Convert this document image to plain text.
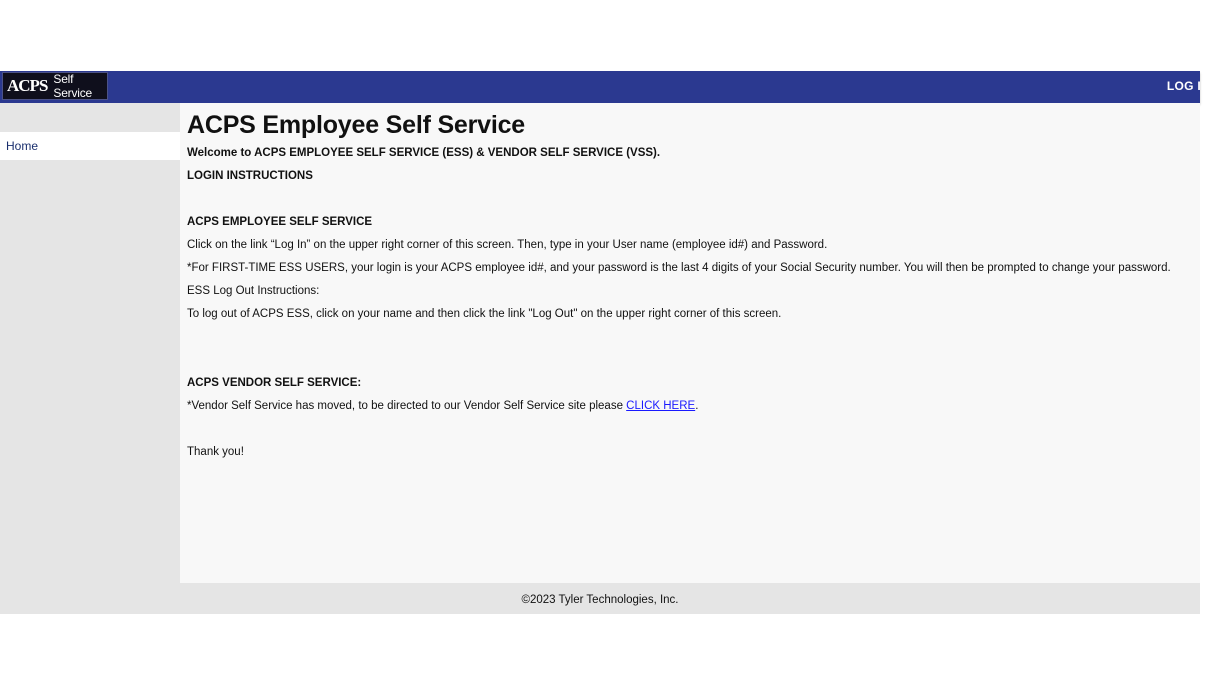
ACPS Self Service	LOG IN
Home
ACPS Employee Self Service
Welcome to ACPS EMPLOYEE SELF SERVICE (ESS) & VENDOR SELF SERVICE (VSS).
LOGIN INSTRUCTIONS
ACPS EMPLOYEE SELF SERVICE
Click on the link “Log In” on the upper right corner of this screen. Then, type in your User name (employee id#) and Password.
*For FIRST-TIME ESS USERS, your login is your ACPS employee id#, and your password is the last 4 digits of your Social Security number. You will then be prompted to change your password.
ESS Log Out Instructions:
To log out of ACPS ESS, click on your name and then click the link "Log Out" on the upper right corner of this screen.
ACPS VENDOR SELF SERVICE:
*Vendor Self Service has moved, to be directed to our Vendor Self Service site please CLICK HERE.
Thank you!
©2023 Tyler Technologies, Inc.
